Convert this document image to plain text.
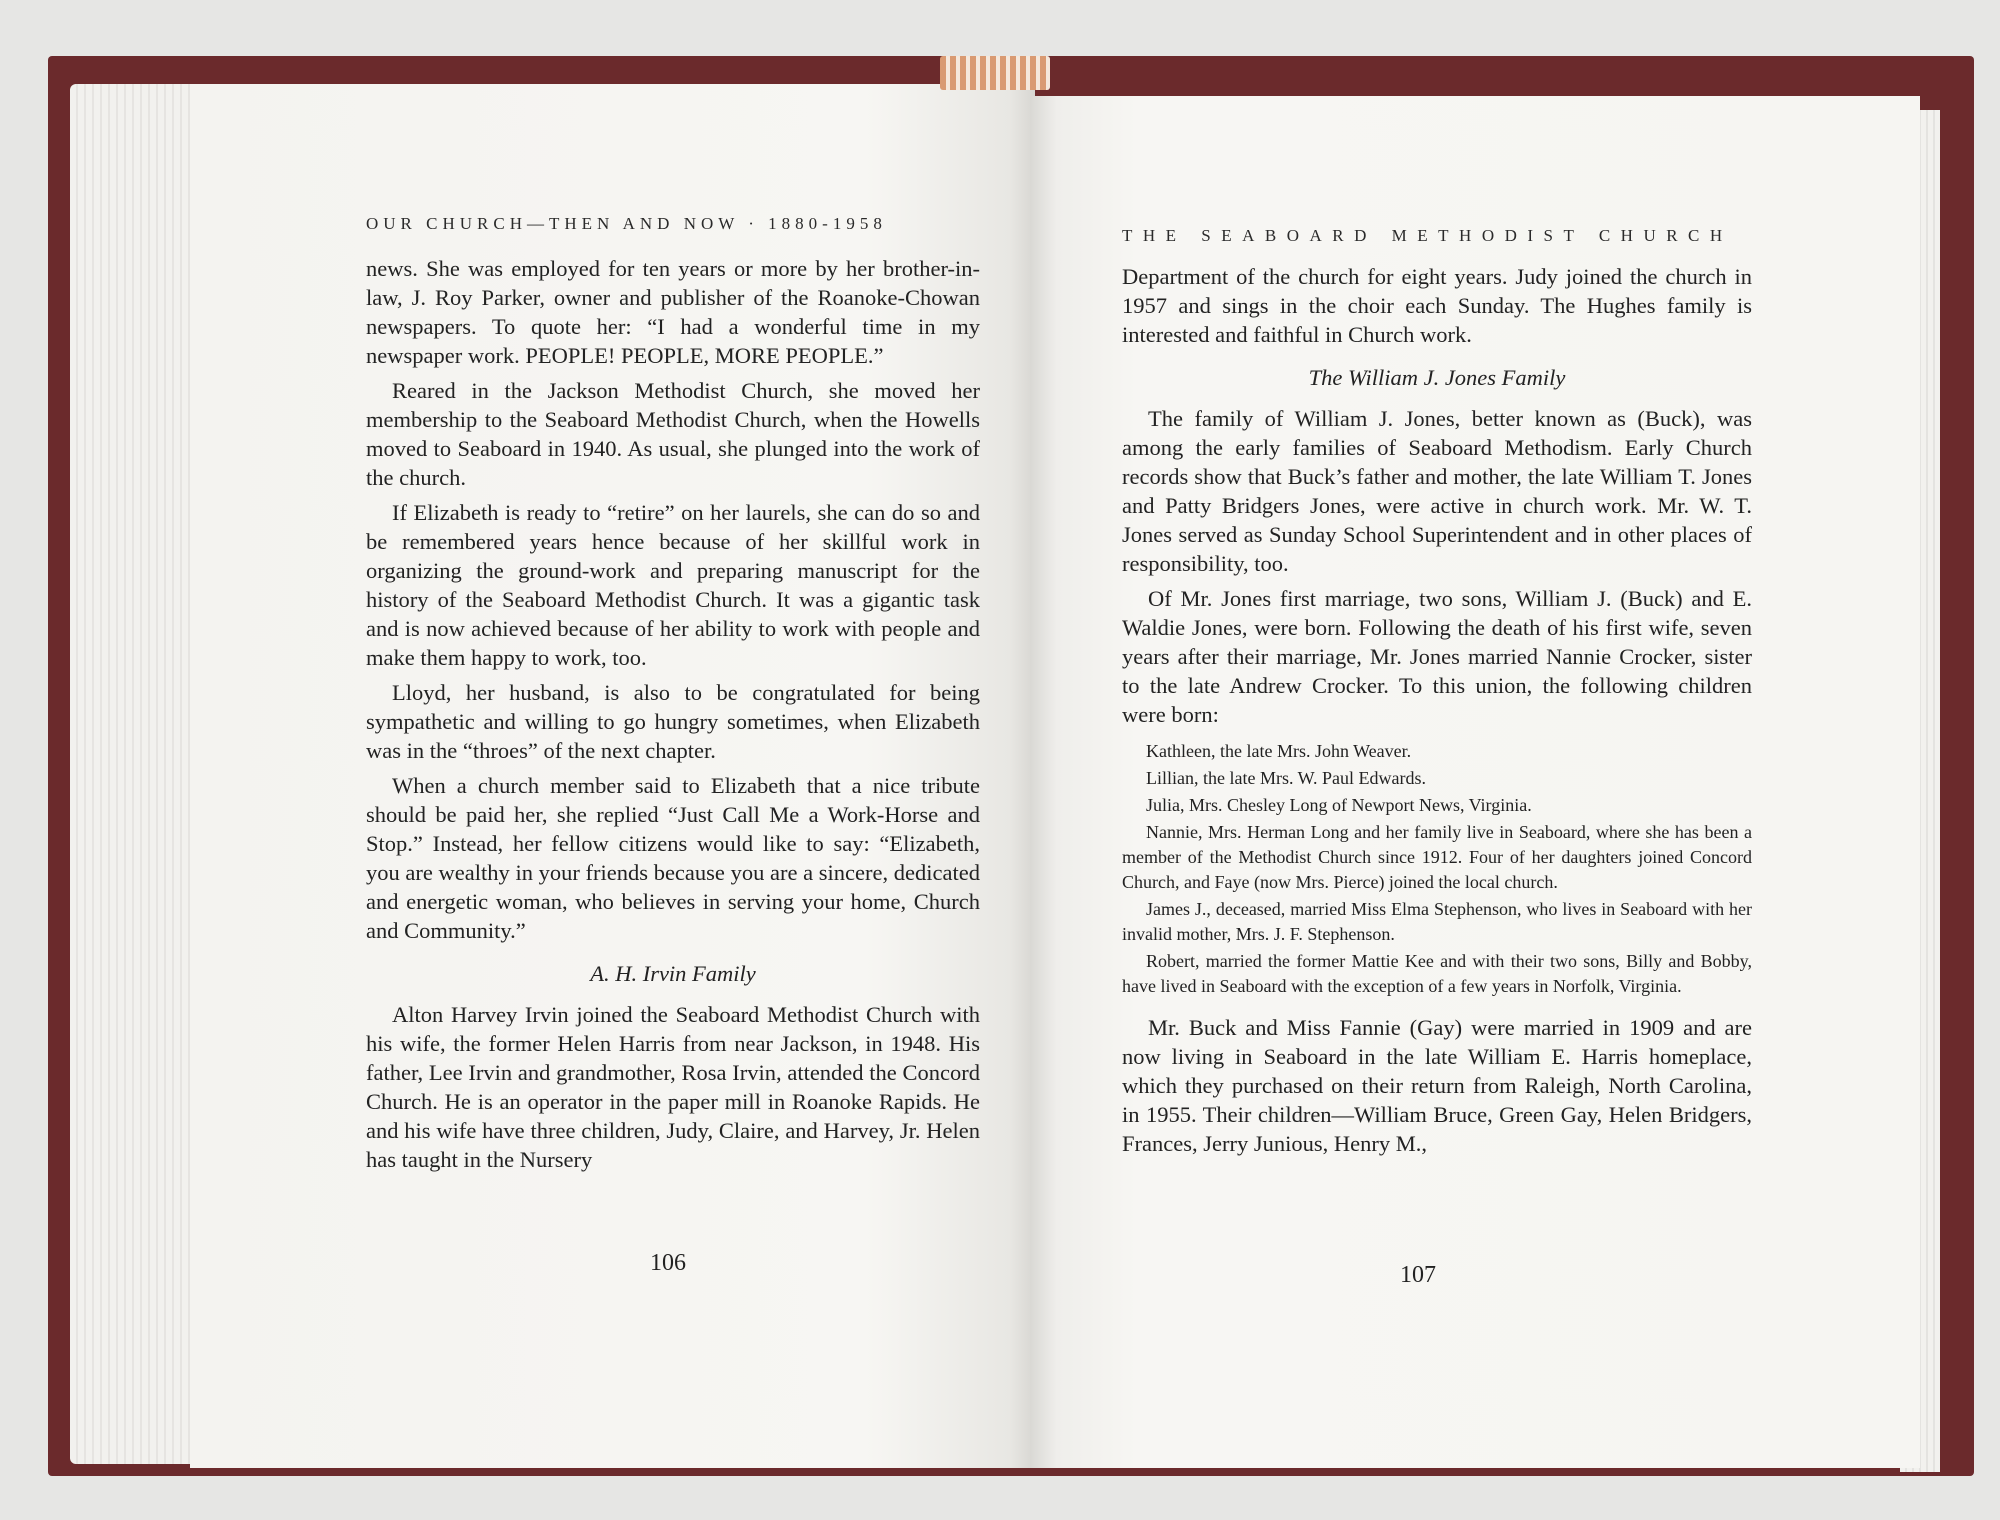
OUR CHURCH—THEN AND NOW · 1880-1958

news. She was employed for ten years or more by her brother-in-law, J. Roy Parker, owner and publisher of the Roanoke-Chowan newspapers. To quote her: “I had a wonderful time in my newspaper work. PEOPLE! PEOPLE, MORE PEOPLE.”

Reared in the Jackson Methodist Church, she moved her membership to the Seaboard Methodist Church, when the Howells moved to Seaboard in 1940. As usual, she plunged into the work of the church.

If Elizabeth is ready to “retire” on her laurels, she can do so and be remembered years hence because of her skillful work in organizing the ground-work and preparing manuscript for the history of the Seaboard Methodist Church. It was a gigantic task and is now achieved because of her ability to work with people and make them happy to work, too.

Lloyd, her husband, is also to be congratulated for being sympathetic and willing to go hungry sometimes, when Elizabeth was in the “throes” of the next chapter.

When a church member said to Elizabeth that a nice tribute should be paid her, she replied “Just Call Me a Work-Horse and Stop.” Instead, her fellow citizens would like to say: “Elizabeth, you are wealthy in your friends because you are a sincere, dedicated and energetic woman, who believes in serving your home, Church and Community.”

A. H. Irvin Family

Alton Harvey Irvin joined the Seaboard Methodist Church with his wife, the former Helen Harris from near Jackson, in 1948. His father, Lee Irvin and grandmother, Rosa Irvin, attended the Concord Church. He is an operator in the paper mill in Roanoke Rapids. He and his wife have three children, Judy, Claire, and Harvey, Jr. Helen has taught in the Nursery

106
THE SEABOARD METHODIST CHURCH

Department of the church for eight years. Judy joined the church in 1957 and sings in the choir each Sunday. The Hughes family is interested and faithful in Church work.

The William J. Jones Family

The family of William J. Jones, better known as (Buck), was among the early families of Seaboard Methodism. Early Church records show that Buck’s father and mother, the late William T. Jones and Patty Bridgers Jones, were active in church work. Mr. W. T. Jones served as Sunday School Superintendent and in other places of responsibility, too.

Of Mr. Jones first marriage, two sons, William J. (Buck) and E. Waldie Jones, were born. Following the death of his first wife, seven years after their marriage, Mr. Jones married Nannie Crocker, sister to the late Andrew Crocker. To this union, the following children were born:

Kathleen, the late Mrs. John Weaver.

Lillian, the late Mrs. W. Paul Edwards.

Julia, Mrs. Chesley Long of Newport News, Virginia.

Nannie, Mrs. Herman Long and her family live in Seaboard, where she has been a member of the Methodist Church since 1912. Four of her daughters joined Concord Church, and Faye (now Mrs. Pierce) joined the local church.

James J., deceased, married Miss Elma Stephenson, who lives in Seaboard with her invalid mother, Mrs. J. F. Stephenson.

Robert, married the former Mattie Kee and with their two sons, Billy and Bobby, have lived in Seaboard with the exception of a few years in Norfolk, Virginia.

Mr. Buck and Miss Fannie (Gay) were married in 1909 and are now living in Seaboard in the late William E. Harris homeplace, which they purchased on their return from Raleigh, North Carolina, in 1955. Their children—William Bruce, Green Gay, Helen Bridgers, Frances, Jerry Junious, Henry M.,

107
